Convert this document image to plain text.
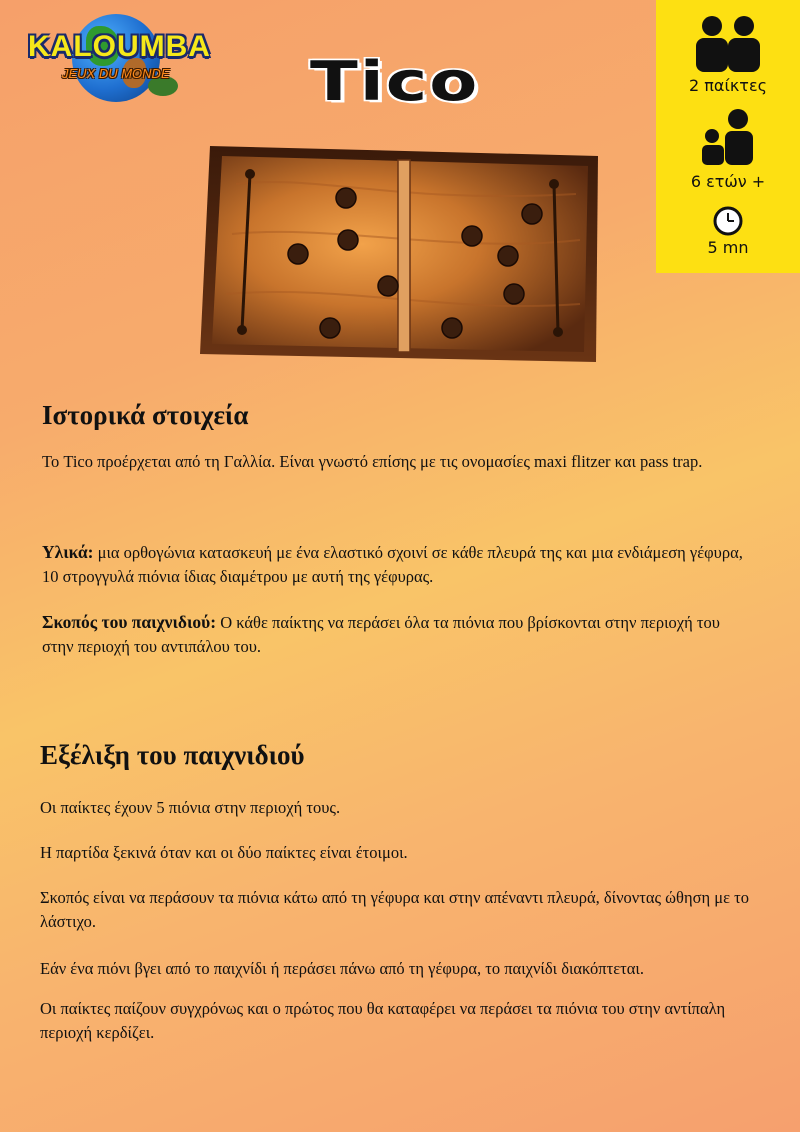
KALOUMBA
JEUX DU MONDE Tico	2 παίκτες
6 ετών +
5 mn
Ιστορικά στοιχεία

Το Tico προέρχεται από τη Γαλλία. Είναι γνωστό επίσης με τις ονομασίες maxi flitzer και pass trap.

Υλικά: μια ορθογώνια κατασκευή με ένα ελαστικό σχοινί σε κάθε πλευρά της και μια ενδιάμεση γέφυρα, 10 στρογγυλά πιόνια ίδιας διαμέτρου με αυτή της γέφυρας.

Σκοπός του παιχνιδιού: Ο κάθε παίκτης να περάσει όλα τα πιόνια που βρίσκονται στην περιοχή του στην περιοχή του αντιπάλου του.

Εξέλιξη του παιχνιδιού

Οι παίκτες έχουν 5 πιόνια στην περιοχή τους.

Η παρτίδα ξεκινά όταν και οι δύο παίκτες είναι έτοιμοι.

Σκοπός είναι να περάσουν τα πιόνια κάτω από τη γέφυρα και στην απέναντι πλευρά, δίνοντας ώθηση με το λάστιχο.

Εάν ένα πιόνι βγει από το παιχνίδι ή περάσει πάνω από τη γέφυρα, το παιχνίδι διακόπτεται.

Οι παίκτες παίζουν συγχρόνως και ο πρώτος που θα καταφέρει να περάσει τα πιόνια του στην αντίπαλη περιοχή κερδίζει.
